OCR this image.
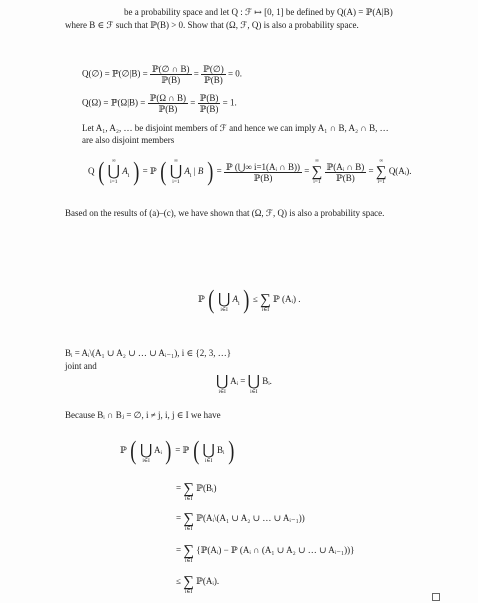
be a probability space and let Q : ℱ ↦ [0, 1] be defined by Q(A) = ℙ(A|B)
where B ∈ ℱ such that ℙ(B) > 0. Show that (Ω, ℱ, Q) is also a probability space.
Q(∅) = ℙ(∅|B) = $\frac{\text{ℙ(∅ ∩ B)}}{\text{ℙ(B)}} = \frac{\text{ℙ(∅)}}{\text{ℙ(B)}} = 0$.
Q(Ω) = ℙ(Ω|B) = $\frac{\text{ℙ(Ω ∩ B)}}{\text{ℙ(B)}} = \frac{\text{ℙ(B)}}{\text{ℙ(B)}} = 1$.
Let A₁, A₂, … be disjoint members of ℱ and hence we can imply A₁ ∩ B, A₂ ∩ B, …
are also disjoint members
Q (	∞
⋃
i=1
$A_i$ ) = ℙ (	∞
⋃
i=1
$A_i$ | B ) = $\frac{\text{ℙ (⋃∞ i=1(Aᵢ ∩ B))}}{\text{ℙ(B)}}$ =
∞
∑
i=1
$\frac{\text{ℙ(Aᵢ ∩ B)}}{\text{ℙ(B)}}$ =
∞
∑
i=1
Q(Aᵢ).
Based on the results of (a)–(c), we have shown that (Ω, ℱ, Q) is also a probability space.
ℙ (
⋃
i∈I
$A_i$ ) ≤
∑
i∈I
ℙ (Aᵢ) .
Bᵢ = Aᵢ\(A₁ ∪ A₂ ∪ … ∪ Aᵢ₋₁), i ∈ {2, 3, …}
joint and

⋃
i∈I
Aᵢ =
⋃
i∈I
Bᵢ.
Because Bᵢ ∩ Bⱼ = ∅, i ≠ j, i, j ∈ I we have
ℙ (
⋃
i∈I
Aᵢ ) = ℙ (
⋃
i∈I
Bᵢ )
=
∑
i∈I
ℙ(Bᵢ)
=
∑
i∈I
ℙ(Aᵢ\(A₁ ∪ A₂ ∪ … ∪ Aᵢ₋₁))
=
∑
i∈I
{ℙ(Aᵢ) − ℙ (Aᵢ ∩ (A₁ ∪ A₂ ∪ … ∪ Aᵢ₋₁))}
≤
∑
i∈I
ℙ(Aᵢ).
